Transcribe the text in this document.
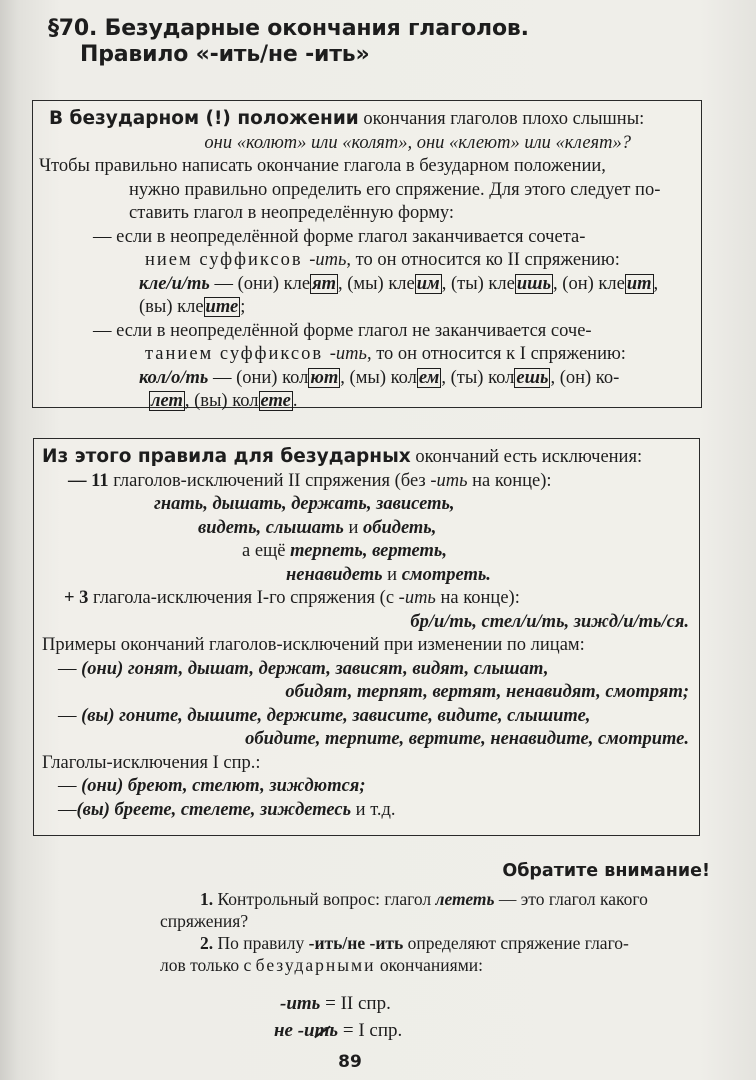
§70. Безударные окончания глаголов.
Правило «-ить/не -ить»
В безударном (!) положении окончания глаголов плохо слышны:
они «колют» или «колят», они «клеют» или «клеят»?
Чтобы правильно написать окончание глагола в безударном положении,
нужно правильно определить его спряжение. Для этого следует по-
ставить глагол в неопределённую форму:
— если в неопределённой форме глагол заканчивается сочета-
нием суффиксов -ить, то он относится ко II спряжению:
кле/и/ть — (они) кле ят , (мы) кле им , (ты) кле ишь , (он) кле ит ,
(вы) кле ите ;
— если в неопределённой форме глагол не заканчивается соче-
танием суффиксов -ить, то он относится к I спряжению:
кол/о/ть — (они) кол ют , (мы) кол ем , (ты) кол ешь , (он) ко-
лет , (вы) кол ете .
Из этого правила для безударных окончаний есть исключения:
— 11 глаголов-исключений II спряжения (без -ить на конце):
гнать, дышать, держать, зависеть,
видеть, слышать и обидеть,
а ещё терпеть, вертеть,
ненавидеть и смотреть.
+ 3 глагола-исключения I-го спряжения (с -ить на конце):
бр/и/ть, стел/и/ть, зижд/и/ть/ся.
Примеры окончаний глаголов-исключений при изменении по лицам:
— (они) гонят, дышат, держат, зависят, видят, слышат,
обидят, терпят, вертят, ненавидят, смотрят;
— (вы) гоните, дышите, держите, зависите, видите, слышите,
обидите, терпите, вертите, ненавидите, смотрите.
Глаголы-исключения I спр.:
— (они) бреют, стелют, зиждются;
—(вы) бреете, стелете, зиждетесь и т.д.
Обратите внимание!
1. Контрольный вопрос: глагол лететь — это глагол какого
спряжения?
2. По правилу -ить/не -ить определяют спряжение глаго-
лов только с безударными окончаниями:
-ить = II спр.
не -ить = I спр.
89
